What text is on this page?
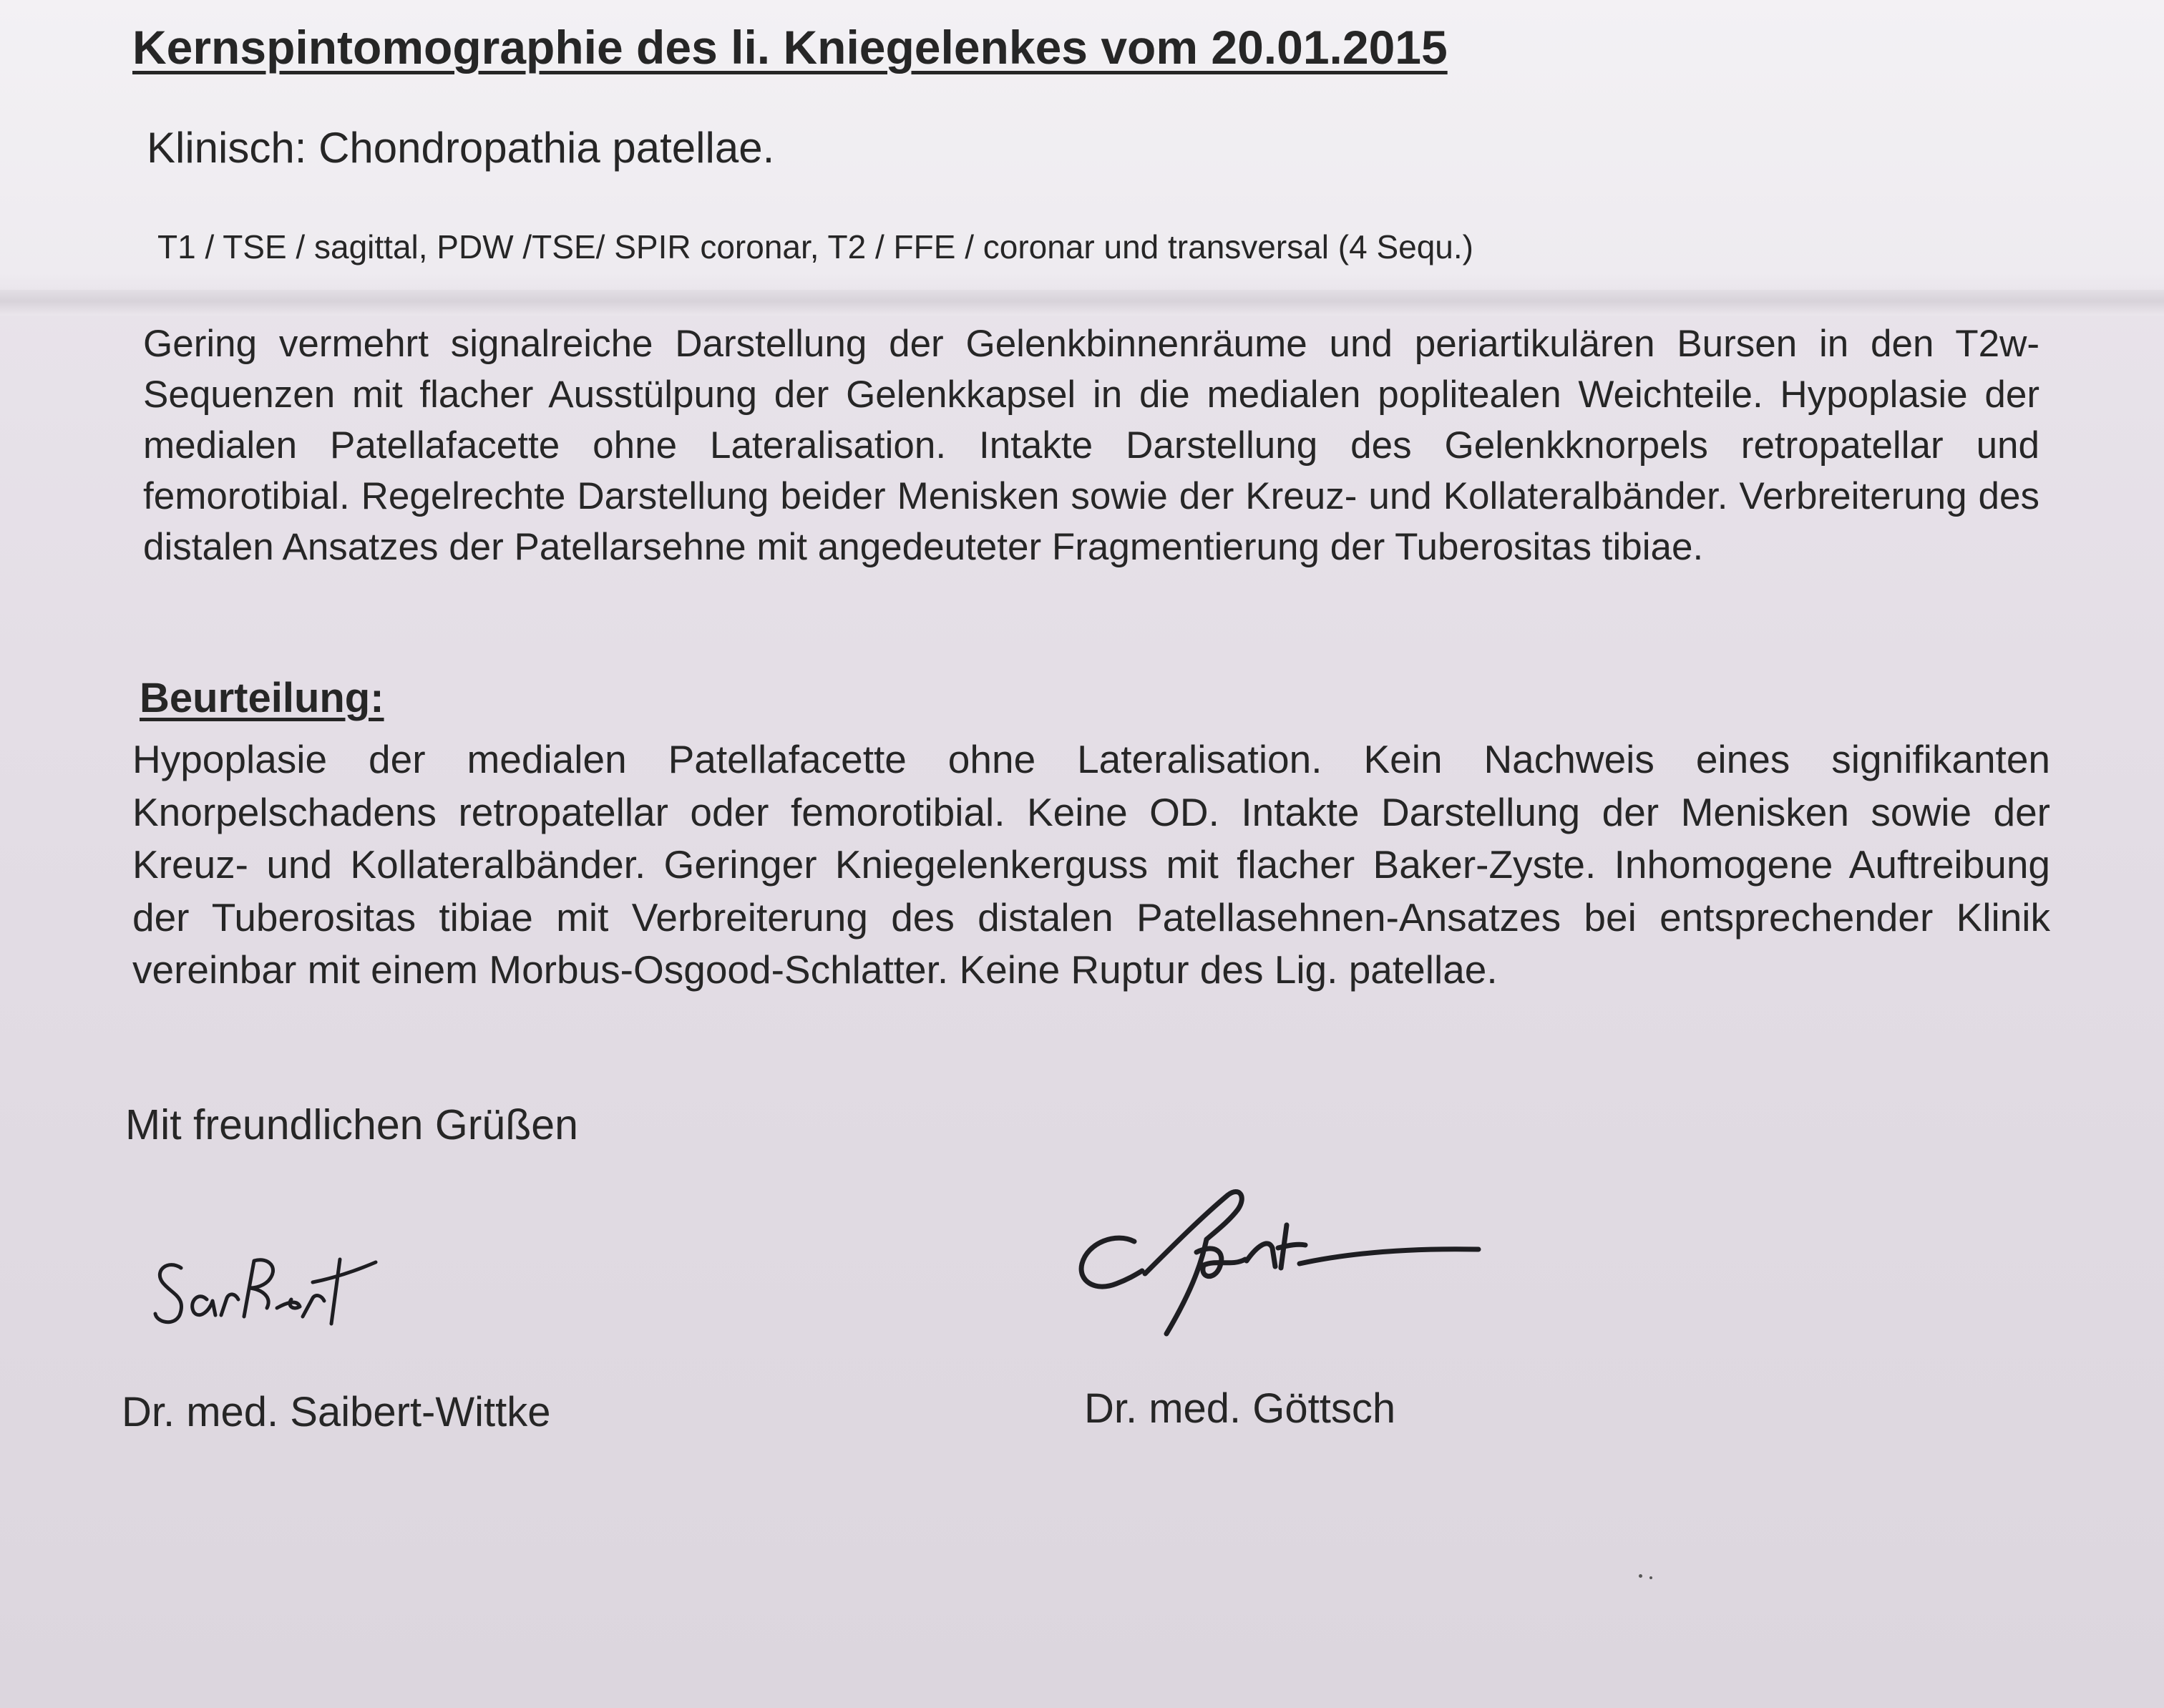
Kernspintomographie des li. Kniegelenkes vom 20.01.2015
Klinisch: Chondropathia patellae.
T1 / TSE / sagittal, PDW /TSE/ SPIR coronar, T2 / FFE / coronar und transversal (4 Sequ.)
Gering vermehrt signalreiche Darstellung der Gelenkbinnenräume und periartikulären Bursen in den T2w-Sequenzen mit flacher Ausstülpung der Gelenkkapsel in die medialen poplitealen Weichteile. Hypoplasie der medialen Patellafacette ohne Lateralisation. Intakte Darstellung des Gelenkknorpels retropatellar und femorotibial. Regelrechte Darstellung beider Menisken sowie der Kreuz- und Kollateralbänder. Verbreiterung des distalen Ansatzes der Patellarsehne mit angedeuteter Fragmentierung der Tuberositas tibiae.
Beurteilung:
Hypoplasie der medialen Patellafacette ohne Lateralisation. Kein Nachweis eines signifikanten Knorpelschadens retropatellar oder femorotibial. Keine OD. Intakte Darstellung der Menisken sowie der Kreuz- und Kollateralbänder. Geringer Kniegelenkerguss mit flacher Baker-Zyste. Inhomogene Auftreibung der Tuberositas tibiae mit Verbreiterung des distalen Patellasehnen-Ansatzes bei entsprechender Klinik vereinbar mit einem Morbus-Osgood-Schlatter. Keine Ruptur des Lig. patellae.
Mit freundlichen Grüßen
Dr. med. Saibert-Wittke	Dr. med. Göttsch
